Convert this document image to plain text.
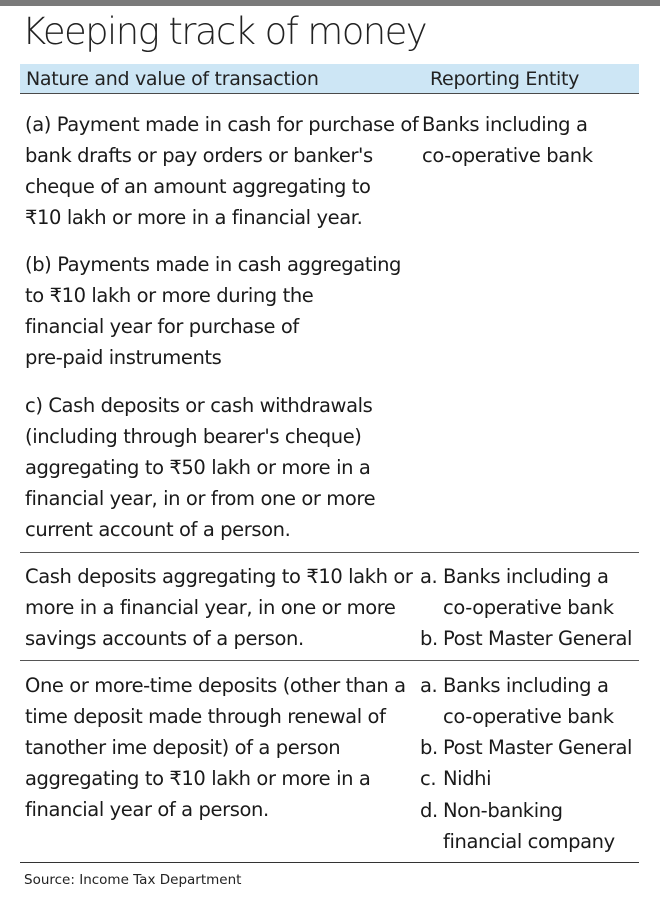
Keeping track of money
Nature and value of transaction	Reporting Entity
(a) Payment made in cash for purchase of
bank drafts or pay orders or banker's
cheque of an amount aggregating to
₹10 lakh or more in a financial year.
(b) Payments made in cash aggregating
to ₹10 lakh or more during the
financial year for purchase of
pre-paid instruments
c) Cash deposits or cash withdrawals
(including through bearer's cheque)
aggregating to ₹50 lakh or more in a
financial year, in or from one or more
current account of a person.
Banks including a
co-operative bank
Cash deposits aggregating to ₹10 lakh or
more in a financial year, in one or more
savings accounts of a person.
a. Banks including a
co-operative bank
b. Post Master General
One or more-time deposits (other than a
time deposit made through renewal of
tanother ime deposit) of a person
aggregating to ₹10 lakh or more in a
financial year of a person.
a. Banks including a
co-operative bank
b. Post Master General
c. Nidhi
d. Non-banking
financial company
Source: Income Tax Department
